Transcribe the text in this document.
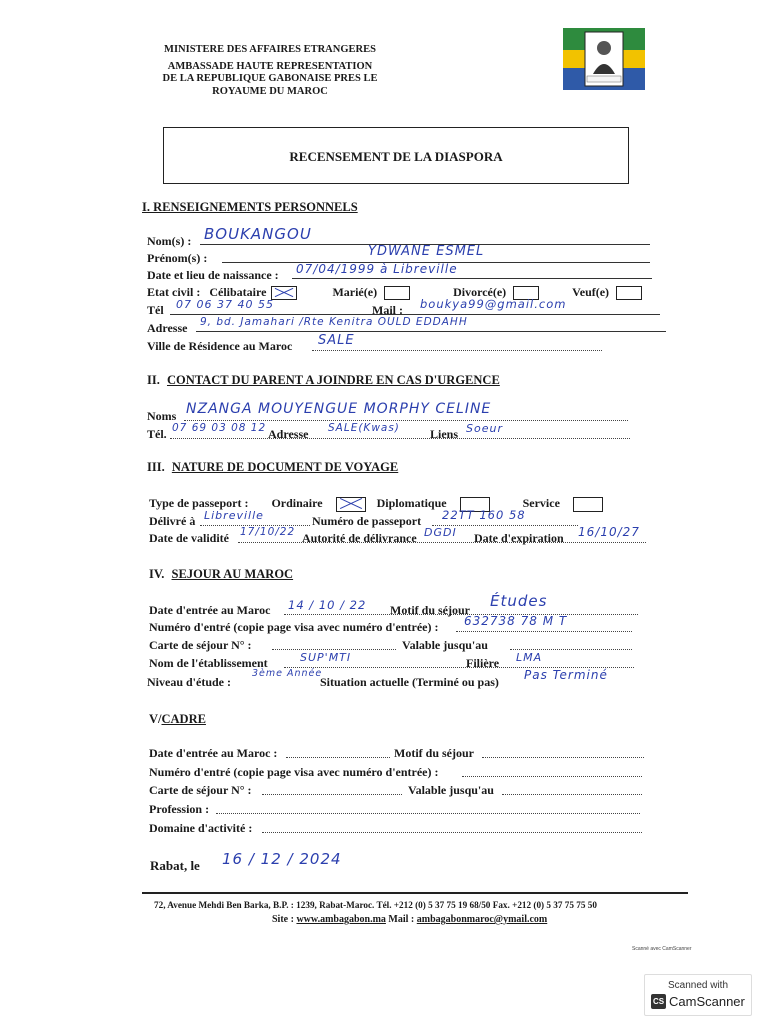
MINISTERE DES AFFAIRES ETRANGERES
AMBASSADE HAUTE REPRESENTATION
DE LA REPUBLIQUE GABONAISE PRES LE
ROYAUME DU MAROC
RECENSEMENT DE LA DIASPORA
I. RENSEIGNEMENTS PERSONNELS
Nom(s) : BOUKANGOU
Prénom(s) :	YDWANE ESMEL
Date et lieu de naissance : 07/04/1999 à Libreville
Etat civil : Célibataire	Marié(e)	Divorcé(e)	Veuf(e)
Tél 07 06 37 40 55	Mail : boukya99@gmail.com
Adresse 9, bd. Jamahari /Rte Kenitra OULD EDDAHH
Ville de Résidence au Maroc SALE
II. CONTACT DU PARENT A JOINDRE EN CAS D'URGENCE
Noms NZANGA MOUYENGUE MORPHY CELINE
Tél. 07 69 03 08 12 Adresse SALE(Kwas)	Liens Soeur
III. NATURE DE DOCUMENT DE VOYAGE
Type de passeport : Ordinaire	Diplomatique	Service
Délivré à Libreville	Numéro de passeport 22TT 160 58
Date de validité 17/10/22 Autorité de délivrance DGDI Date d'expiration 16/10/27
IV. SEJOUR AU MAROC
Date d'entrée au Maroc 14 / 10 / 22 Motif du séjour Études
Numéro d'entré (copie page visa avec numéro d'entrée) : 632738 78 M T
Carte de séjour N° :	Valable jusqu'au
Nom de l'établissement	SUP'MTI	Filière LMA
Niveau d'étude :
3ème Année
Situation actuelle (Terminé ou pas) Pas Terminé
V/CADRE
Date d'entrée au Maroc :	Motif du séjour
Numéro d'entré (copie page visa avec numéro d'entrée) :
Carte de séjour N° :	Valable jusqu'au
Profession :
Domaine d'activité :
Rabat, le 16 / 12 / 2024
72, Avenue Mehdi Ben Barka, B.P. : 1239, Rabat-Maroc. Tél. +212 (0) 5 37 75 19 68/50 Fax. +212 (0) 5 37 75 75 50
Site : www.ambagabon.ma Mail : ambagabonmaroc@ymail.com
Scanné avec CamScanner
Scanned with
CS CamScanner
